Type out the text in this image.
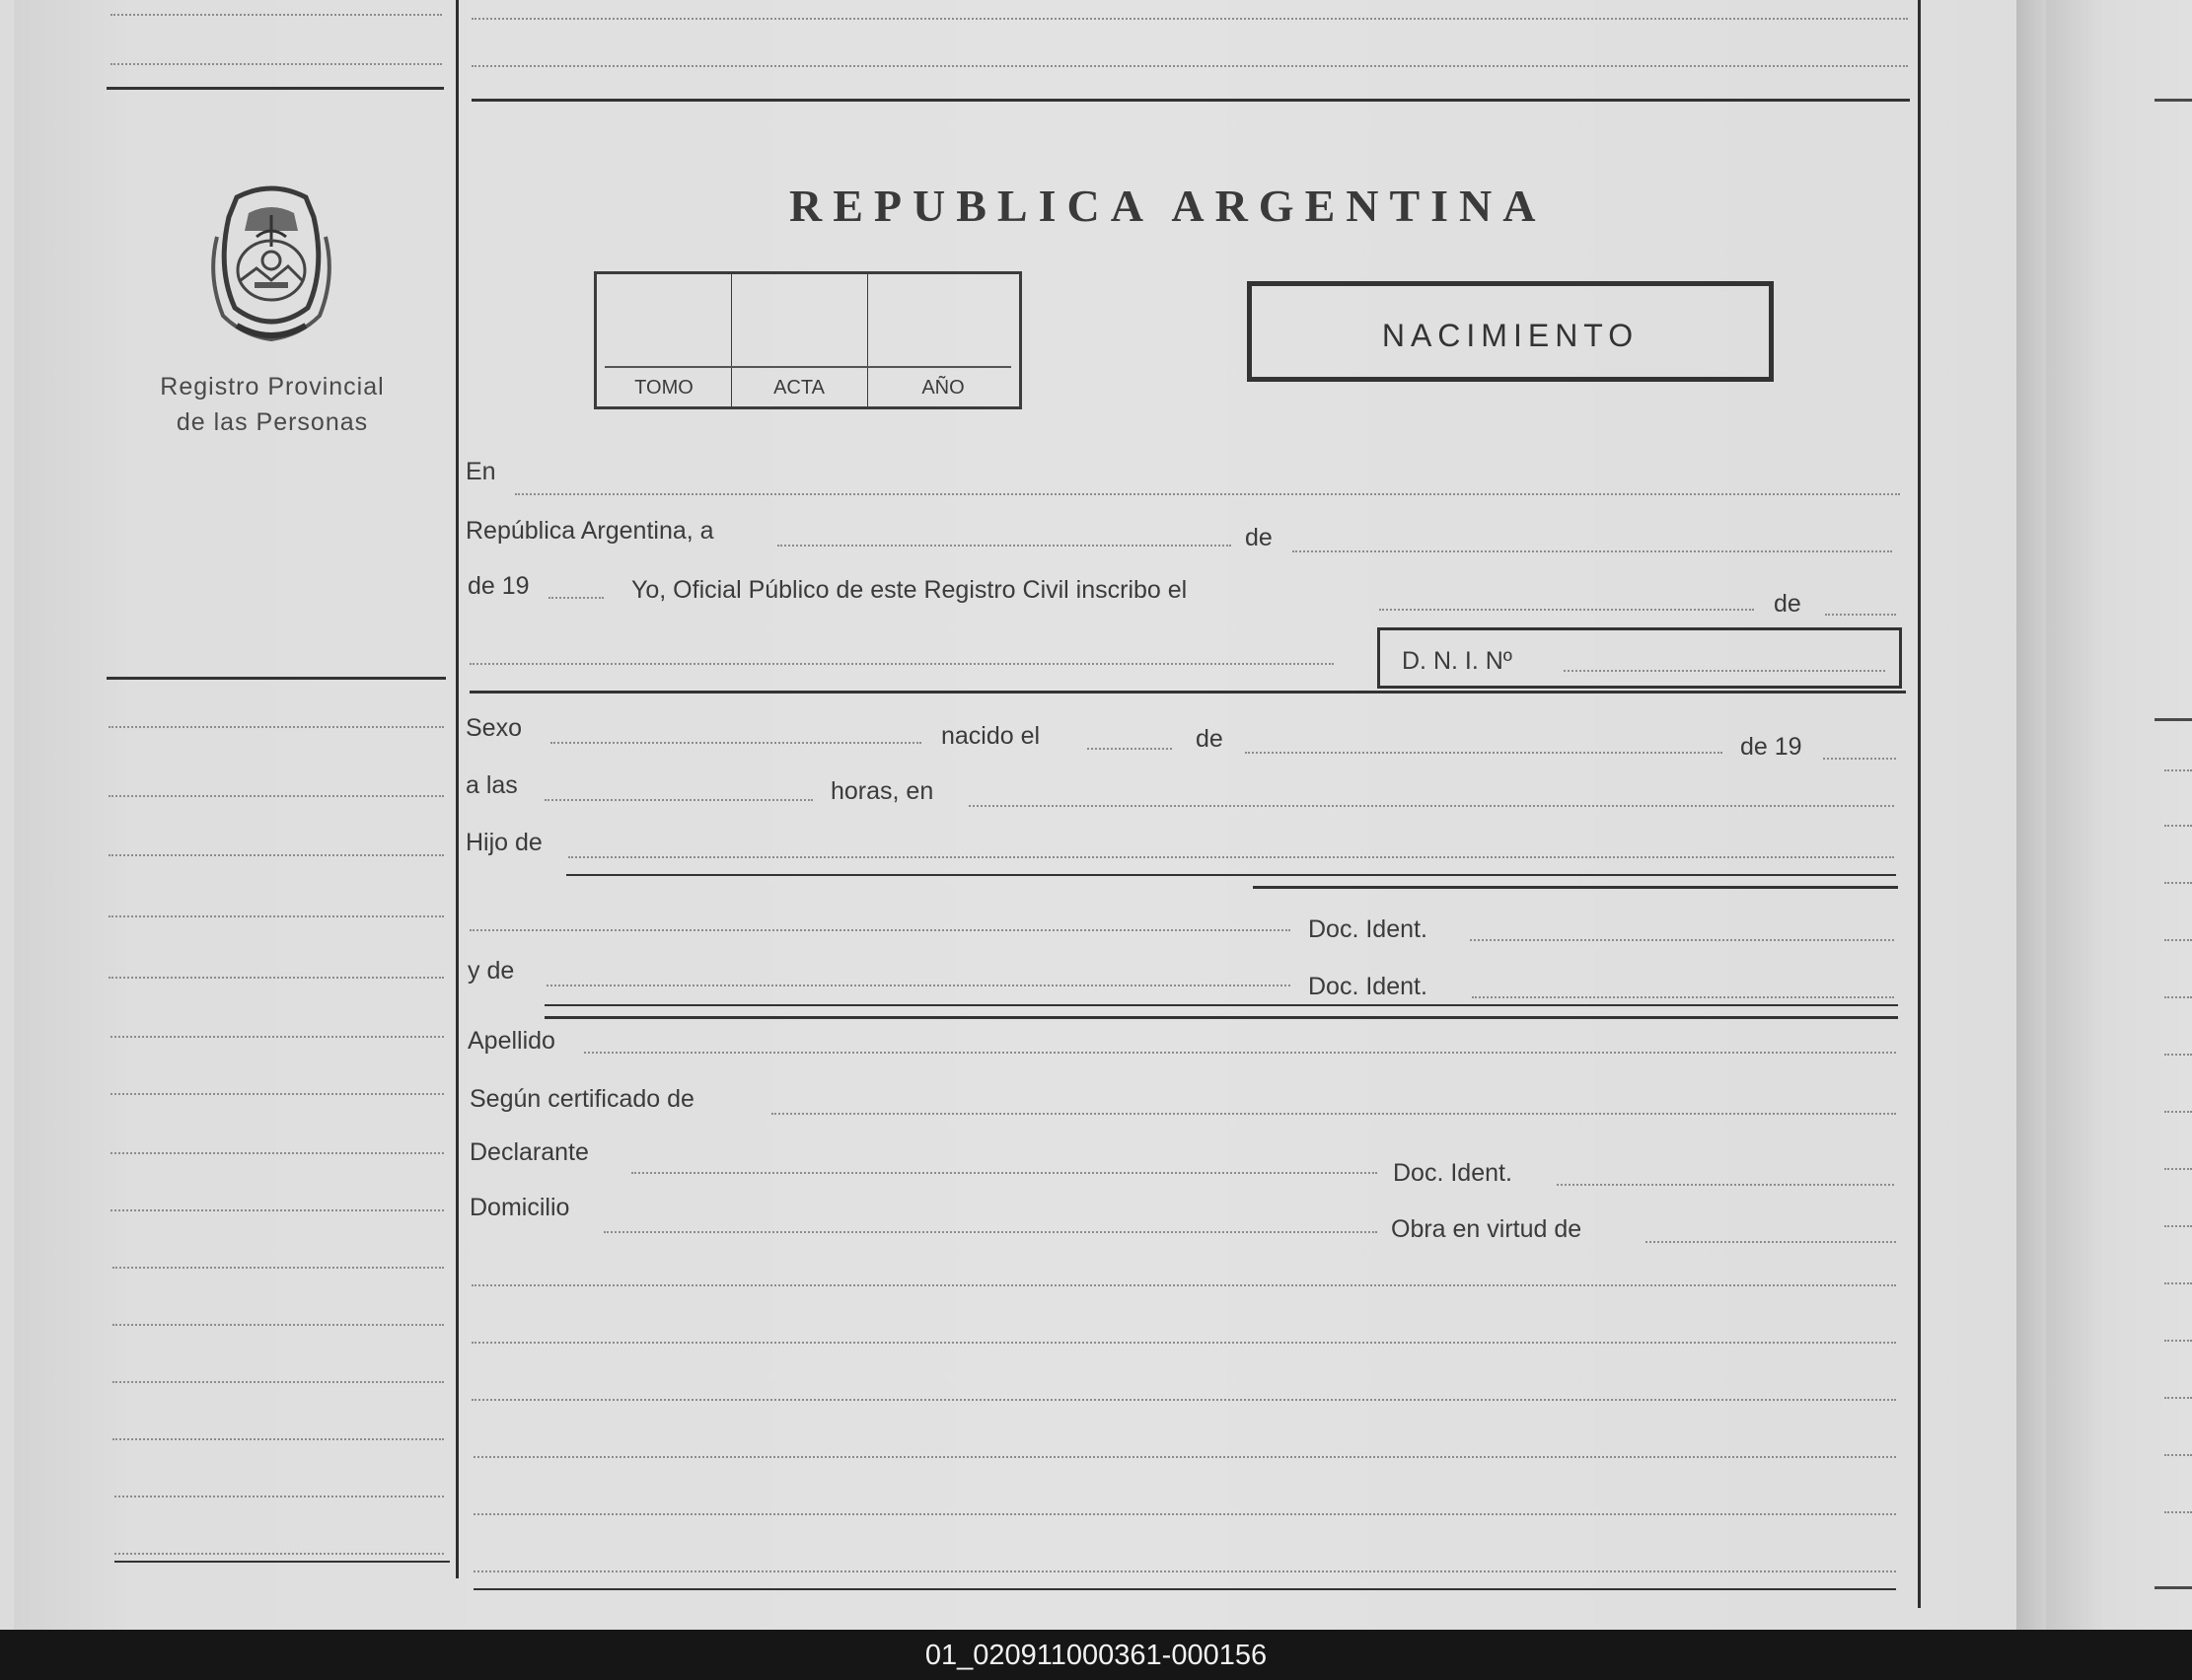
Registro Provincial
de las Personas
REPUBLICA ARGENTINA
TOMO	ACTA	AÑO
NACIMIENTO
En
República Argentina, a	de
de 19	Yo, Oficial Público de este Registro Civil inscribo el	de
D. N. I. Nº
Sexo	nacido el	de	de 19
a las	horas, en
Hijo de
Doc. Ident.
y de
Doc. Ident.
Apellido
Según certificado de
Declarante
Doc. Ident.
Domicilio
Obra en virtud de
01_020911000361-000156
